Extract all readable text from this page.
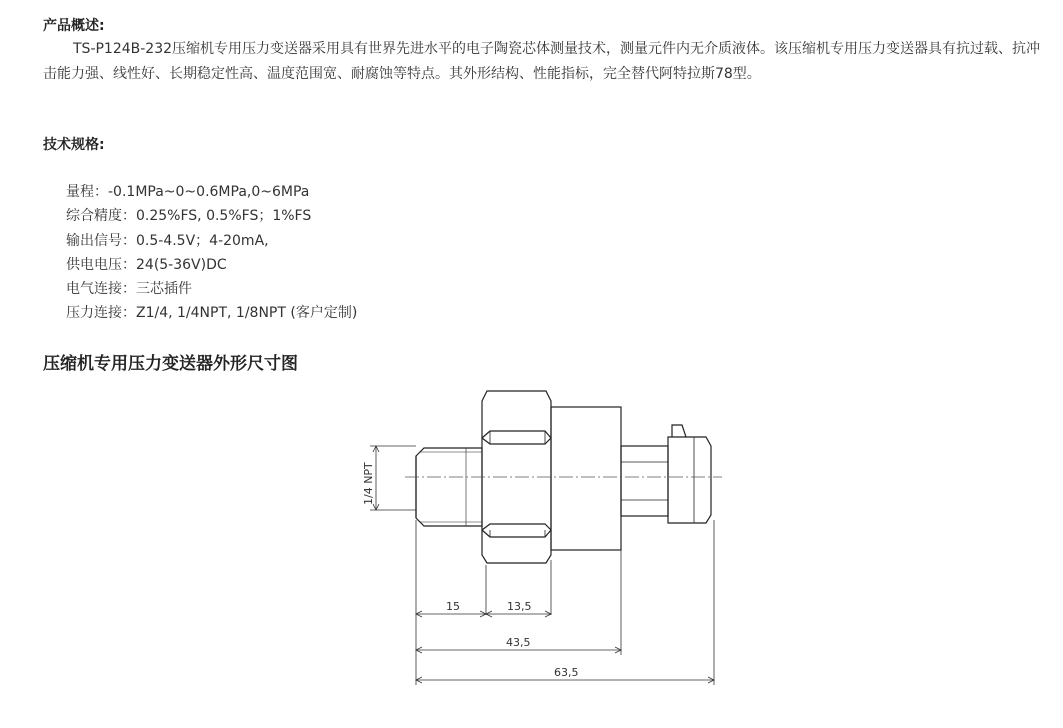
产品概述:

TS-P124B-232压缩机专用压力变送器采用具有世界先进水平的电子陶瓷芯体测量技术，测量元件内无介质液体。该压缩机专用压力变送器具有抗过载、抗冲击能力强、线性好、长期稳定性高、温度范围宽、耐腐蚀等特点。其外形结构、性能指标，完全替代阿特拉斯78型。

技术规格:

量程：-0.1MPa~0~0.6MPa,0~6MPa
综合精度：0.25%FS, 0.5%FS；1%FS
输出信号：0.5-4.5V；4-20mA,
供电电压：24(5-36V)DC
电气连接：三芯插件
压力连接：Z1/4, 1/4NPT, 1/8NPT (客户定制)

压缩机专用压力变送器外形尺寸图

1/4 NPT
15	13,5
43,5
63,5
